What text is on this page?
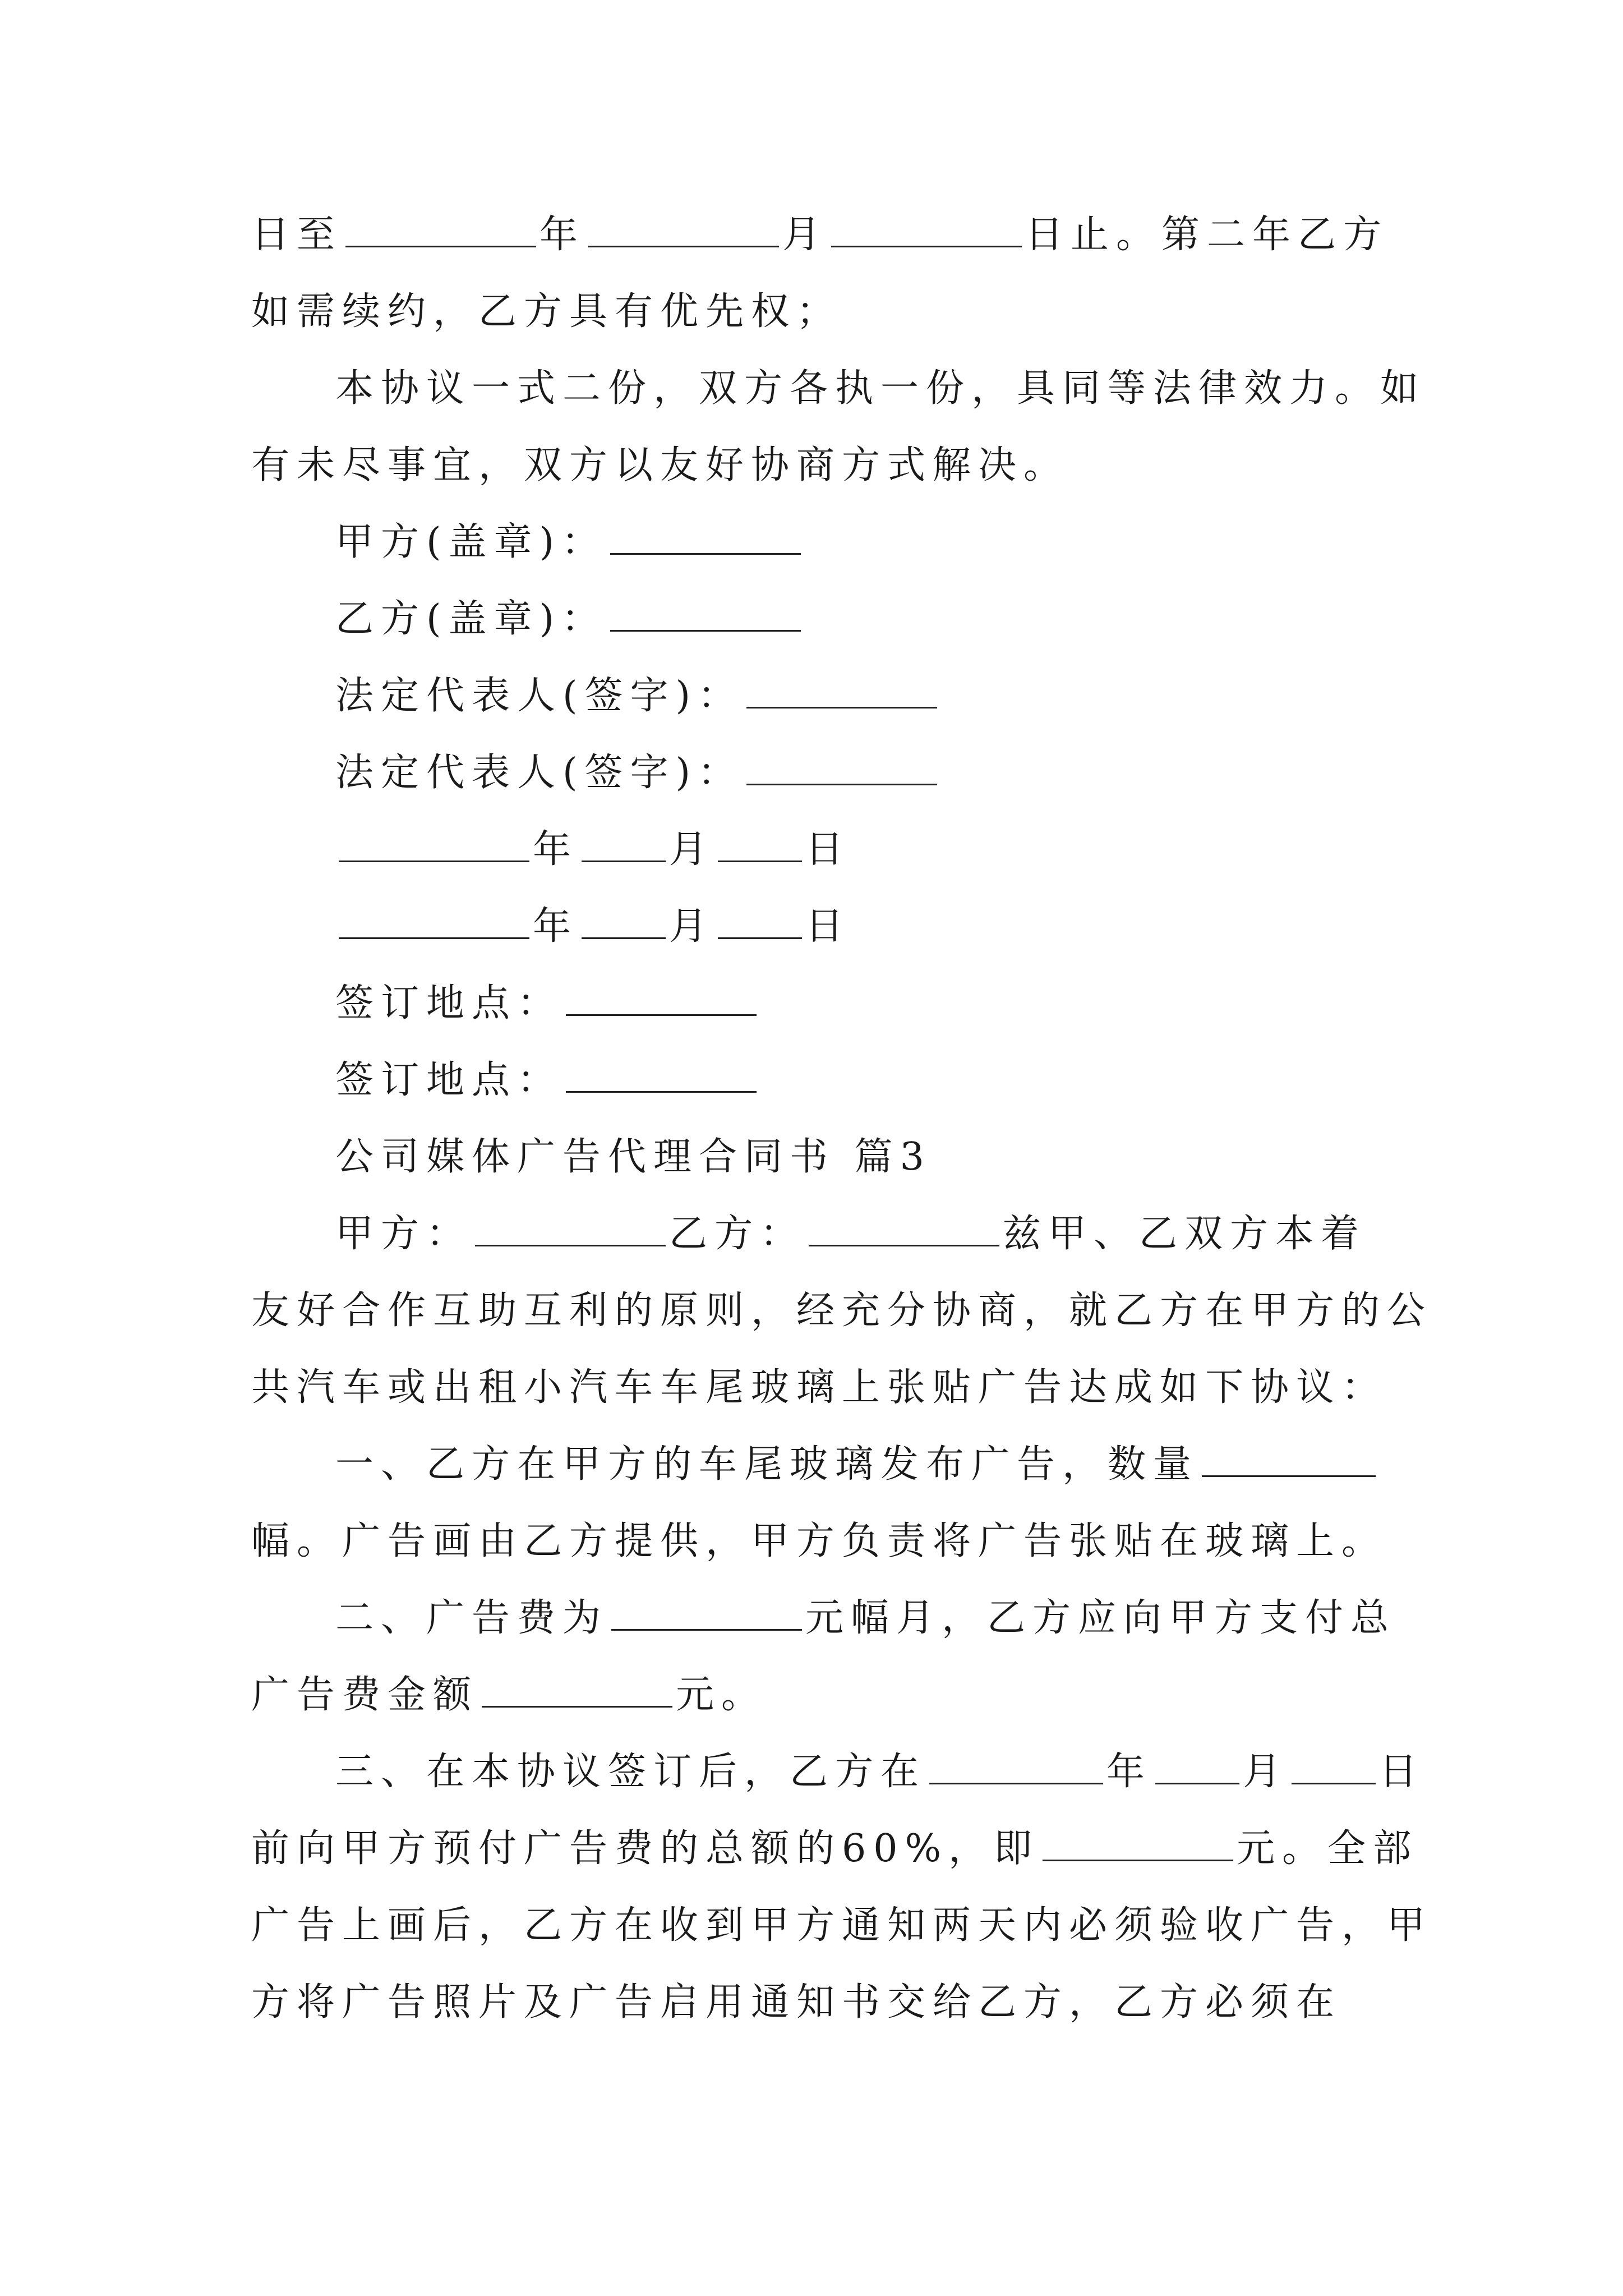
日至	年	月	日止。第二年乙方
如需续约，乙方具有优先权；
本协议一式二份，双方各执一份，具同等法律效力。如
有未尽事宜，双方以友好协商方式解决。
甲方(盖章)：
乙方(盖章)：
法定代表人(签字)：
法定代表人(签字)：
年 月 日
年 月 日
签订地点：
签订地点：
公司媒体广告代理合同书 篇3
甲方：	乙方：	兹甲、乙双方本着
友好合作互助互利的原则，经充分协商，就乙方在甲方的公
共汽车或出租小汽车车尾玻璃上张贴广告达成如下协议：
一、乙方在甲方的车尾玻璃发布广告，数量
幅。广告画由乙方提供，甲方负责将广告张贴在玻璃上。
二、广告费为	元幅月，乙方应向甲方支付总
广告费金额	元。
三、在本协议签订后，乙方在	年 月 日
前向甲方预付广告费的总额的60%，即	元。全部
广告上画后，乙方在收到甲方通知两天内必须验收广告，甲
方将广告照片及广告启用通知书交给乙方，乙方必须在
